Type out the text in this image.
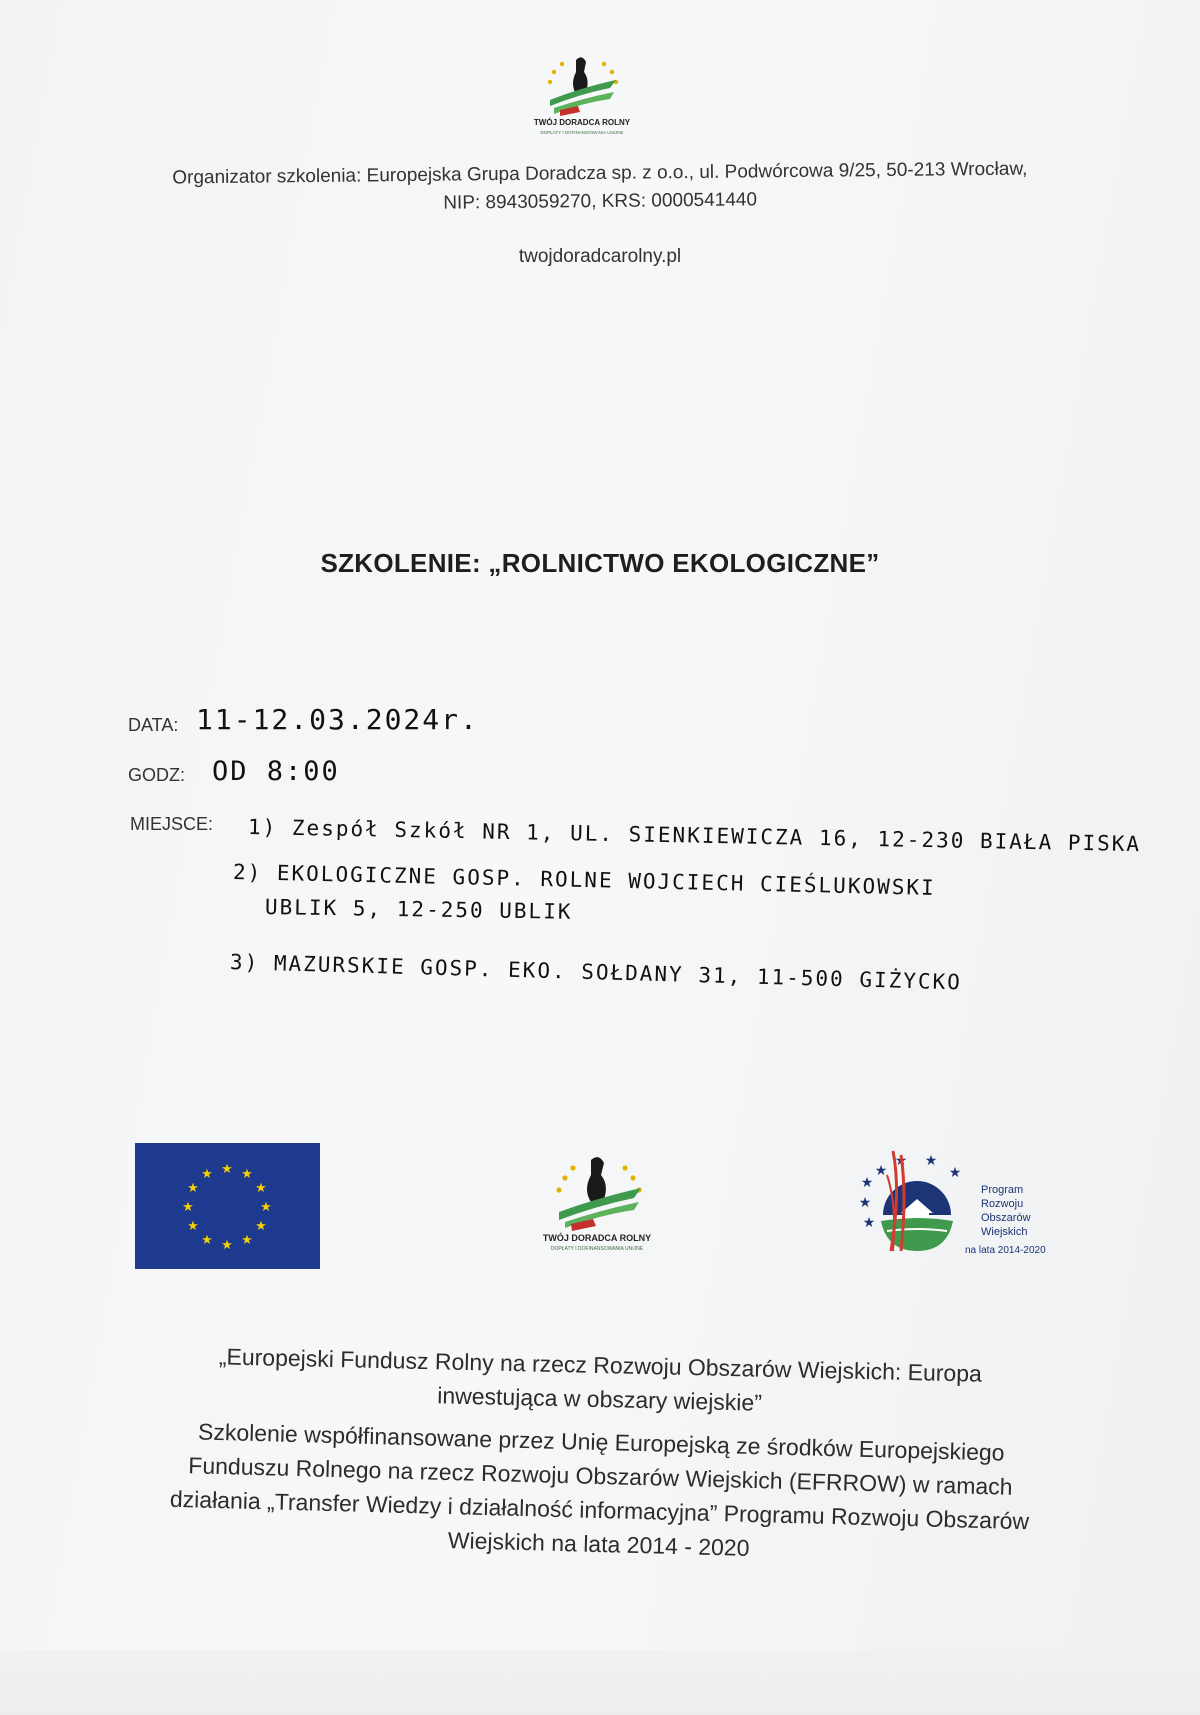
TWÓJ DORADCA ROLNY
DOPŁATY I DOFINANSOWANIA UNIJNE
Organizator szkolenia: Europejska Grupa Doradcza sp. z o.o., ul. Podwórcowa 9/25, 50-213 Wrocław,
NIP: 8943059270, KRS: 0000541440
twojdoradcarolny.pl
SZKOLENIE: „ROLNICTWO EKOLOGICZNE”
DATA: 11-12.03.2024r.
GODZ: OD 8:00
MIEJSCE: 1) Zespół Szkół NR 1, UL. SIENKIEWICZA 16, 12-230 BIAŁA PISKA
2) EKOLOGICZNE GOSP. ROLNE WOJCIECH CIEŚLUKOWSKI
UBLIK 5, 12-250 UBLIK
3) MAZURSKIE GOSP. EKO. SOŁDANY 31, 11-500 GIŻYCKO
★ ★
★
★
★
★
★
★
★
★
★
★
TWÓJ DORADCA ROLNY
DOPŁATY I DOFINANSOWANIA UNIJNE
★
★
★
★
★ ★
★
Program
Rozwoju
Obszarów
Wiejskich
na lata 2014-2020
„Europejski Fundusz Rolny na rzecz Rozwoju Obszarów Wiejskich: Europa
inwestująca w obszary wiejskie”
Szkolenie współfinansowane przez Unię Europejską ze środków Europejskiego Funduszu Rolnego na rzecz Rozwoju Obszarów Wiejskich (EFRROW) w ramach działania „Transfer Wiedzy i działalność informacyjna” Programu Rozwoju Obszarów Wiejskich na lata 2014 - 2020
